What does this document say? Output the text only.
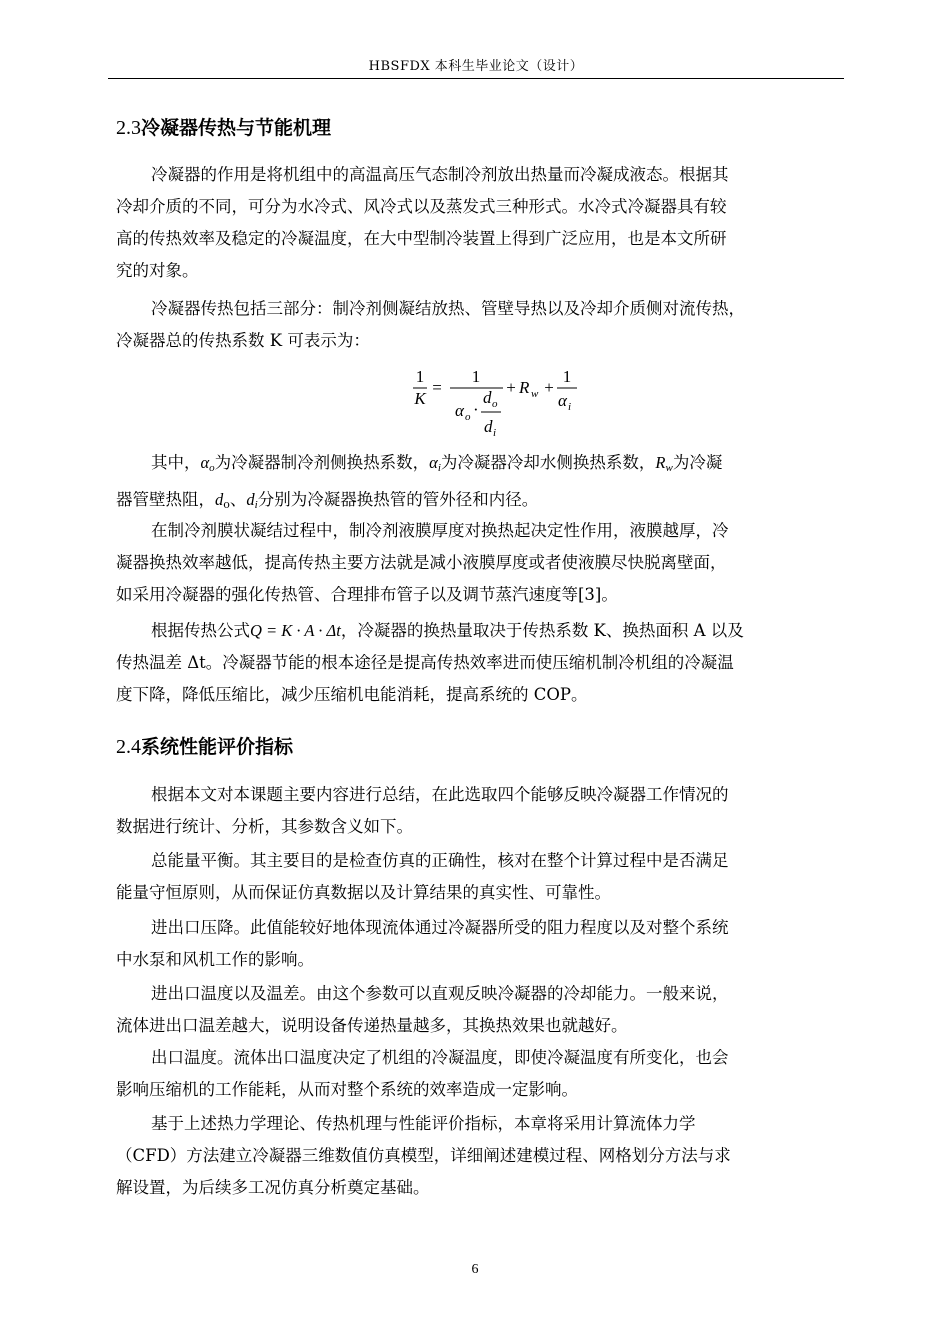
HBSFDX 本科生毕业论文（设计）
2.3冷凝器传热与节能机理

冷凝器的作用是将机组中的高温高压气态制冷剂放出热量而冷凝成液态。根据其
冷却介质的不同，可分为水冷式、风冷式以及蒸发式三种形式。水冷式冷凝器具有较
高的传热效率及稳定的冷凝温度，在大中型制冷装置上得到广泛应用，也是本文所研
究的对象。

冷凝器传热包括三部分：制冷剂侧凝结放热、管壁导热以及冷却介质侧对流传热，
冷凝器总的传热系数 K 可表示为：

1
K
=
1
α o ·
d o
d i
+ R w +
1
α i

其中，$\alpha_o$为冷凝器制冷剂侧换热系数，$\alpha_i$为冷凝器冷却水侧换热系数，$R_w$为冷凝
器管壁热阻，$d_o$、$d_i$分别为冷凝器换热管的管外径和内径。

在制冷剂膜状凝结过程中，制冷剂液膜厚度对换热起决定性作用，液膜越厚，冷
凝器换热效率越低，提高传热主要方法就是减小液膜厚度或者使液膜尽快脱离壁面，
如采用冷凝器的强化传热管、合理排布管子以及调节蒸汽速度等[3]。

根据传热公式Q = K · A · Δt，冷凝器的换热量取决于传热系数 K、换热面积 A 以及
传热温差 Δt。冷凝器节能的根本途径是提高传热效率进而使压缩机制冷机组的冷凝温
度下降，降低压缩比，减少压缩机电能消耗，提高系统的 COP。

2.4系统性能评价指标

根据本文对本课题主要内容进行总结，在此选取四个能够反映冷凝器工作情况的
数据进行统计、分析，其参数含义如下。

总能量平衡。其主要目的是检查仿真的正确性，核对在整个计算过程中是否满足
能量守恒原则，从而保证仿真数据以及计算结果的真实性、可靠性。

进出口压降。此值能较好地体现流体通过冷凝器所受的阻力程度以及对整个系统
中水泵和风机工作的影响。

进出口温度以及温差。由这个参数可以直观反映冷凝器的冷却能力。一般来说，
流体进出口温差越大，说明设备传递热量越多，其换热效果也就越好。

出口温度。流体出口温度决定了机组的冷凝温度，即使冷凝温度有所变化，也会
影响压缩机的工作能耗，从而对整个系统的效率造成一定影响。

基于上述热力学理论、传热机理与性能评价指标，本章将采用计算流体力学
（CFD）方法建立冷凝器三维数值仿真模型，详细阐述建模过程、网格划分方法与求
解设置，为后续多工况仿真分析奠定基础。

6
